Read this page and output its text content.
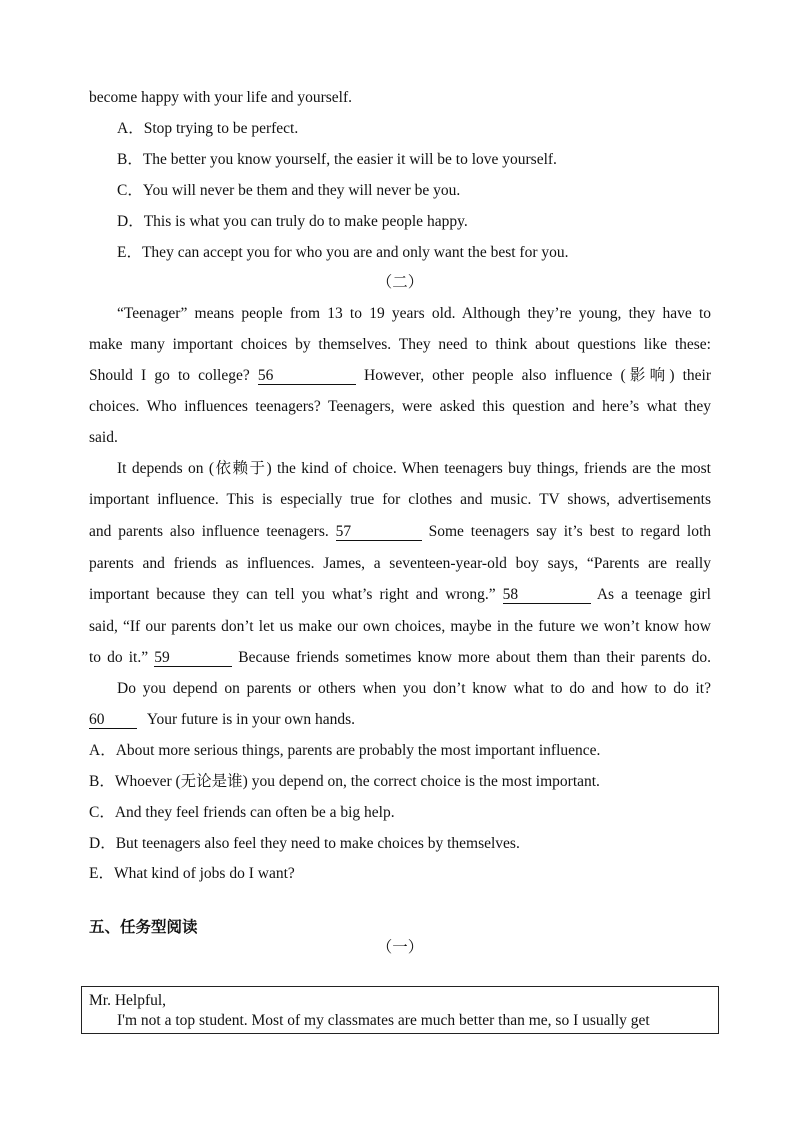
become happy with your life and yourself.
A．Stop trying to be perfect.
B．The better you know yourself, the easier it will be to love yourself.
C．You will never be them and they will never be you.
D．This is what you can truly do to make people happy.
E．They can accept you for who you are and only want the best for you.
（二）
“Teenager” means people from 13 to 19 years old. Although they’re young, they have to
make many important choices by themselves. They need to think about questions like these:
Should I go to college? 56	However, other people also influence (影响) their
choices. Who influences teenagers? Teenagers, were asked this question and here’s what they
said.
It depends on (依赖于) the kind of choice. When teenagers buy things, friends are the most
important influence. This is especially true for clothes and music. TV shows, advertisements
and parents also influence teenagers. 57	Some teenagers say it’s best to regard loth
parents and friends as influences. James, a seventeen-year-old boy says, “Parents are really
important because they can tell you what’s right and wrong.” 58	As a teenage girl
said, “If our parents don’t let us make our own choices, maybe in the future we won’t know how
to do it.” 59	Because friends sometimes know more about them than their parents do.
Do you depend on parents or others when you don’t know what to do and how to do it?
60	Your future is in your own hands.
A．About more serious things, parents are probably the most important influence.
B．Whoever (无论是谁) you depend on, the correct choice is the most important.
C．And they feel friends can often be a big help.
D．But teenagers also feel they need to make choices by themselves.
E．What kind of jobs do I want?
五、任务型阅读
（一）
Mr. Helpful,
I'm not a top student. Most of my classmates are much better than me, so I usually get
